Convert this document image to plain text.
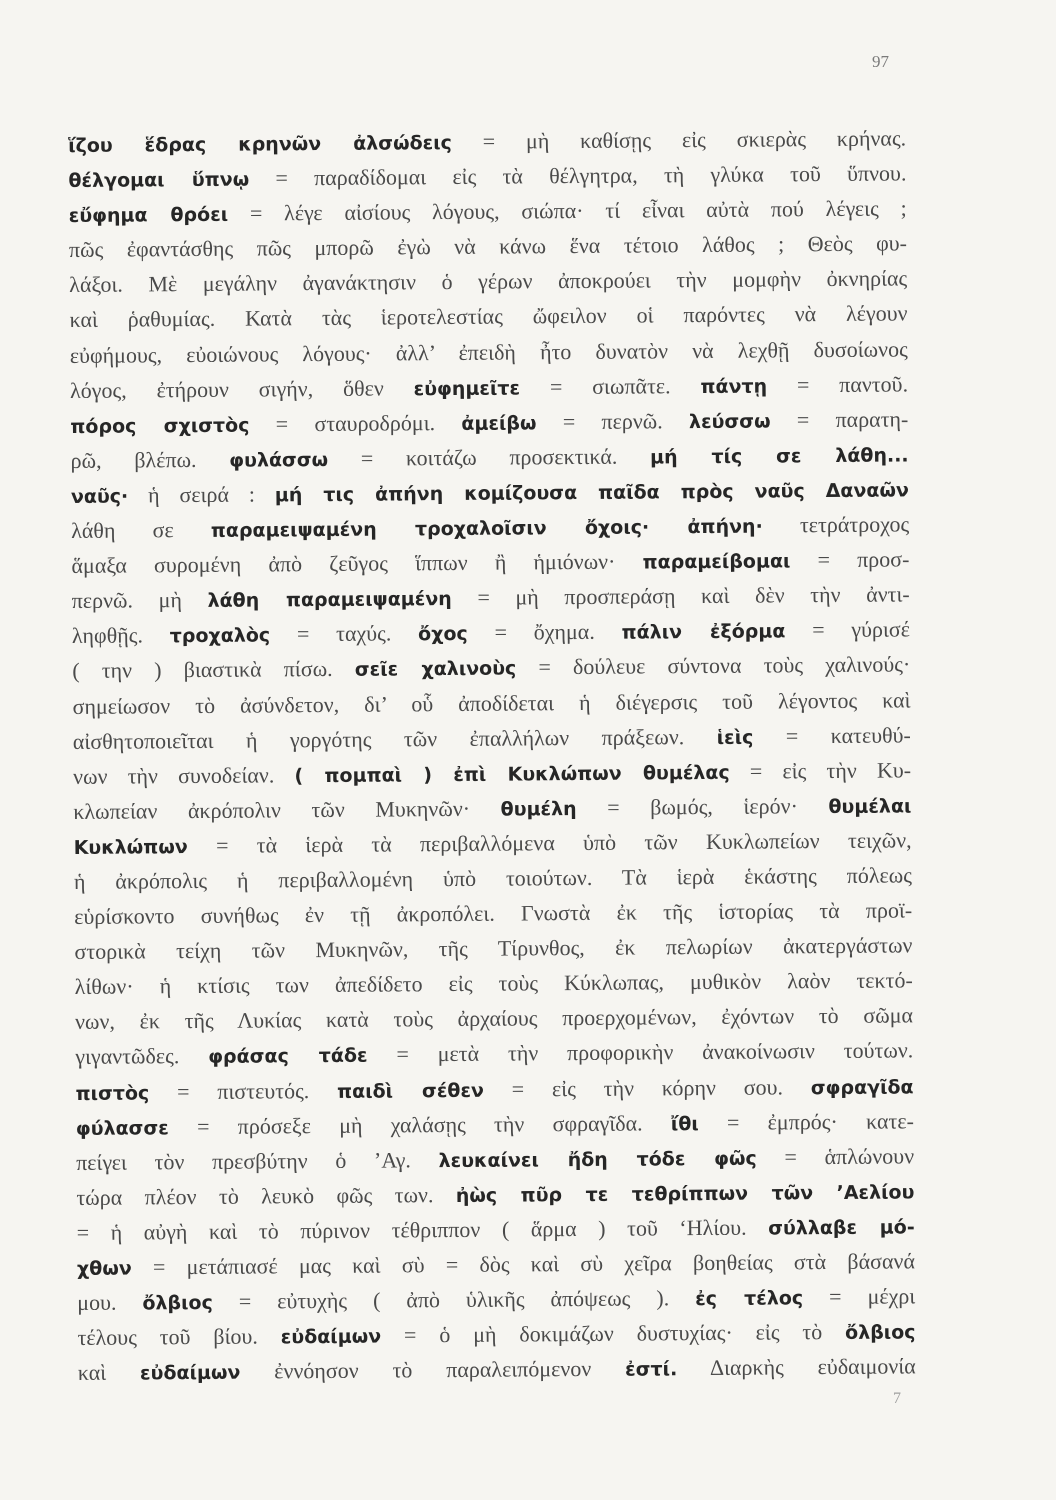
97
ἵζου ἕδρας κρηνῶν ἀλσώδεις = μὴ καθίσῃς εἰς σκιερὰς κρήνας.
θέλγομαι ὕπνῳ = παραδίδομαι εἰς τὰ θέλγητρα, τὴ γλύκα τοῦ ὕπνου.
εὔφημα θρόει = λέγε αἰσίους λόγους, σιώπα· τί εἶναι αὐτὰ πού λέγεις ;
πῶς ἐφαντάσθης πῶς μπορῶ ἐγὼ νὰ κάνω ἕνα τέτοιο λάθος ; Θεὸς φυ-
λάξοι. Μὲ μεγάλην ἀγανάκτησιν ὁ γέρων ἀποκρούει τὴν μομφὴν ὀκνηρίας
καὶ ῥαθυμίας. Κατὰ τὰς ἱεροτελεστίας ὤφειλον οἱ παρόντες νὰ λέγουν
εὐφήμους, εὐοιώνους λόγους· ἀλλ’ ἐπειδὴ ἦτο δυνατὸν νὰ λεχθῇ δυσοίωνος
λόγος, ἐτήρουν σιγήν, ὅθεν εὐφημεῖτε = σιωπᾶτε. πάντῃ = παντοῦ.
πόρος σχιστὸς = σταυροδρόμι. ἀμείβω = περνῶ. λεύσσω = παρατη-
ρῶ, βλέπω. φυλάσσω = κοιτάζω προσεκτικά. μή τίς σε λάθη...
ναῦς· ἡ σειρά : μή τις ἀπήνη κομίζουσα παῖδα πρὸς ναῦς Δαναῶν
λάθη σε παραμειψαμένη τροχαλοῖσιν ὄχοις· ἀπήνη· τετράτροχος
ἅμαξα συρομένη ἀπὸ ζεῦγος ἵππων ἢ ἡμιόνων· παραμείβομαι = προσ-
περνῶ. μὴ λάθη παραμειψαμένη = μὴ προσπεράσῃ καὶ δὲν τὴν ἀντι-
ληφθῇς. τροχαλὸς = ταχύς. ὄχος = ὄχημα. πάλιν ἐξόρμα = γύρισέ
( την ) βιαστικὰ πίσω. σεῖε χαλινοὺς = δούλευε σύντονα τοὺς χαλινούς·
σημείωσον τὸ ἀσύνδετον, δι’ οὗ ἀποδίδεται ἡ διέγερσις τοῦ λέγοντος καὶ
αἰσθητοποιεῖται ἡ γοργότης τῶν ἐπαλλήλων πράξεων. ἱεὶς = κατευθύ-
νων τὴν συνοδείαν. ( πομπαὶ ) ἐπὶ Κυκλώπων θυμέλας = εἰς τὴν Κυ-
κλωπείαν ἀκρόπολιν τῶν Μυκηνῶν· θυμέλη = βωμός, ἱερόν· θυμέλαι
Κυκλώπων = τὰ ἱερὰ τὰ περιβαλλόμενα ὑπὸ τῶν Κυκλωπείων τειχῶν,
ἡ ἀκρόπολις ἡ περιβαλλομένη ὑπὸ τοιούτων. Τὰ ἱερὰ ἑκάστης πόλεως
εὑρίσκοντο συνήθως ἐν τῇ ἀκροπόλει. Γνωστὰ ἐκ τῆς ἱστορίας τὰ προϊ-
στορικὰ τείχη τῶν Μυκηνῶν, τῆς Τίρυνθος, ἐκ πελωρίων ἀκατεργάστων
λίθων· ἡ κτίσις των ἀπεδίδετο εἰς τοὺς Κύκλωπας, μυθικὸν λαὸν τεκτό-
νων, ἐκ τῆς Λυκίας κατὰ τοὺς ἀρχαίους προερχομένων, ἐχόντων τὸ σῶμα
γιγαντῶδες. φράσας τάδε = μετὰ τὴν προφορικὴν ἀνακοίνωσιν τούτων.
πιστὸς = πιστευτός. παιδὶ σέθεν = εἰς τὴν κόρην σου. σφραγῖδα
φύλασσε = πρόσεξε μὴ χαλάσῃς τὴν σφραγῖδα. ἴθι = ἐμπρός· κατε-
πείγει τὸν πρεσβύτην ὁ ’Αγ. λευκαίνει ἤδη τόδε φῶς = ἁπλώνουν
τώρα πλέον τὸ λευκὸ φῶς των. ἠὼς πῦρ τε τεθρίππων τῶν ’Αελίου
= ἡ αὐγὴ καὶ τὸ πύρινον τέθριππον ( ἅρμα ) τοῦ ‘Ηλίου. σύλλαβε μό-
χθων = μετάπιασέ μας καὶ σὺ = δὸς καὶ σὺ χεῖρα βοηθείας στὰ βάσανά
μου. ὄλβιος = εὐτυχὴς ( ἀπὸ ὑλικῆς ἀπόψεως ). ἐς τέλος = μέχρι
τέλους τοῦ βίου. εὐδαίμων = ὁ μὴ δοκιμάζων δυστυχίας· εἰς τὸ ὄλβιος
καὶ εὐδαίμων ἐννόησον τὸ παραλειπόμενον ἐστί. Διαρκὴς εὐδαιμονία
7
